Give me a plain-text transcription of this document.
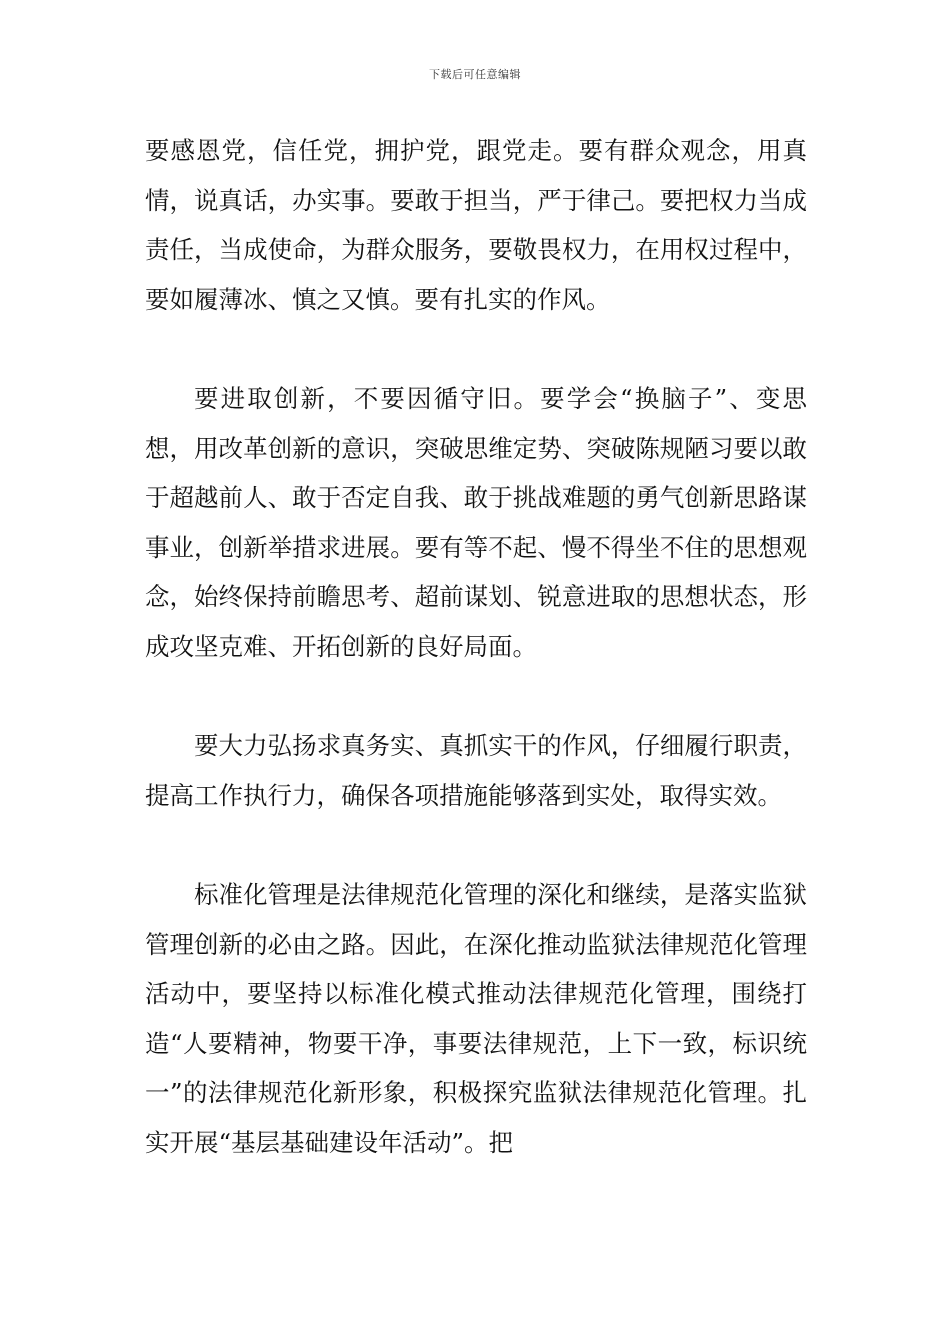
下载后可任意编辑

要感恩党，信任党，拥护党，跟党走。要有群众观念，用真情，说真话，办实事。要敢于担当，严于律己。要把权力当成责任，当成使命，为群众服务，要敬畏权力，在用权过程中，要如履薄冰、慎之又慎。要有扎实的作风。

要进取创新，不要因循守旧。要学会“换脑子”、变思想，用改革创新的意识，突破思维定势、突破陈规陋习要以敢于超越前人、敢于否定自我、敢于挑战难题的勇气创新思路谋事业，创新举措求进展。要有等不起、慢不得坐不住的思想观念，始终保持前瞻思考、超前谋划、锐意进取的思想状态，形成攻坚克难、开拓创新的良好局面。

要大力弘扬求真务实、真抓实干的作风，仔细履行职责，提高工作执行力，确保各项措施能够落到实处，取得实效。

标准化管理是法律规范化管理的深化和继续，是落实监狱管理创新的必由之路。因此，在深化推动监狱法律规范化管理活动中，要坚持以标准化模式推动法律规范化管理，围绕打造“人要精神，物要干净，事要法律规范，上下一致，标识统一”的法律规范化新形象，积极探究监狱法律规范化管理。扎实开展“基层基础建设年活动”。把
